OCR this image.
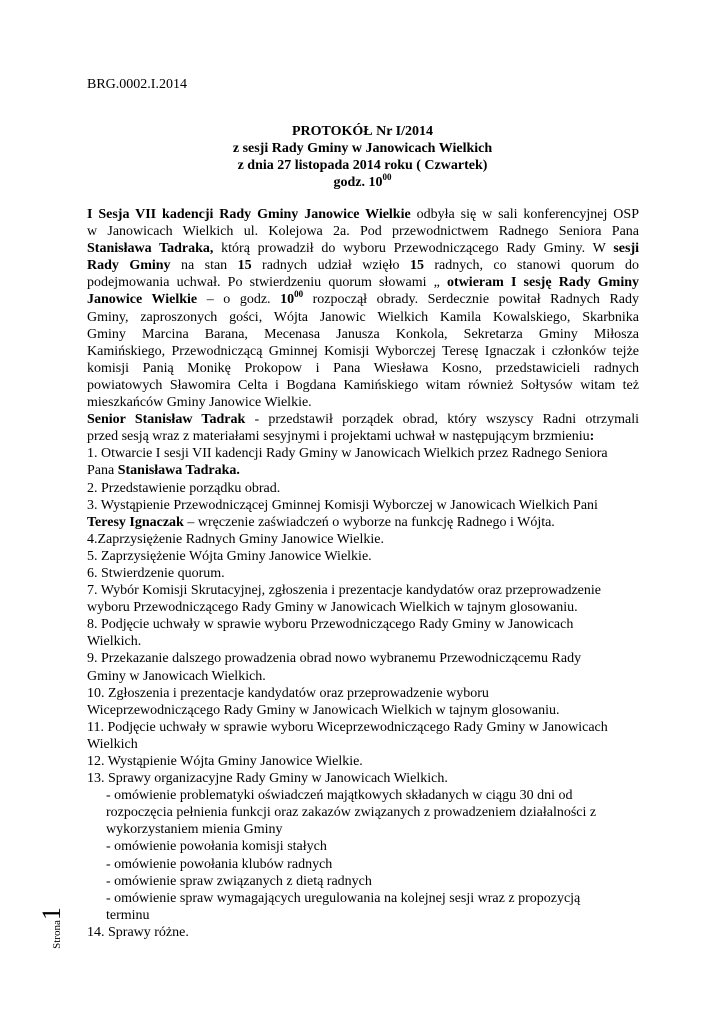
BRG.0002.I.2014
PROTOKÓŁ Nr I/2014
z sesji Rady Gminy w Janowicach Wielkich
z dnia 27 listopada 2014 roku ( Czwartek)
godz. $10^{00}$
I Sesja VII kadencji Rady Gminy Janowice Wielkie odbyła się w sali konferencyjnej OSP
w Janowicach Wielkich ul. Kolejowa 2a. Pod przewodnictwem Radnego Seniora Pana
Stanisława Tadraka, którą prowadził do wyboru Przewodniczącego Rady Gminy. W sesji
Rady Gminy na stan 15 radnych udział wzięło 15 radnych, co stanowi quorum do
podejmowania uchwał. Po stwierdzeniu quorum słowami „ otwieram I sesję Rady Gminy
Janowice Wielkie – o godz. $10^{00}$ rozpoczął obrady. Serdecznie powitał Radnych Rady
Gminy, zaproszonych gości, Wójta Janowic Wielkich Kamila Kowalskiego, Skarbnika
Gminy Marcina Barana, Mecenasa Janusza Konkola, Sekretarza Gminy Miłosza
Kamińskiego, Przewodniczącą Gminnej Komisji Wyborczej Teresę Ignaczak i członków tejże
komisji Panią Monikę Prokopow i Pana Wiesława Kosno, przedstawicieli radnych
powiatowych Sławomira Celta i Bogdana Kamińskiego witam również Sołtysów witam też
mieszkańców Gminy Janowice Wielkie.
Senior Stanisław Tadrak - przedstawił porządek obrad, który wszyscy Radni otrzymali
przed sesją wraz z materiałami sesyjnymi i projektami uchwał w następującym brzmieniu:
1. Otwarcie I sesji VII kadencji Rady Gminy w Janowicach Wielkich przez Radnego Seniora
Pana Stanisława Tadraka.
2. Przedstawienie porządku obrad.
3. Wystąpienie Przewodniczącej Gminnej Komisji Wyborczej w Janowicach Wielkich Pani
Teresy Ignaczak – wręczenie zaświadczeń o wyborze na funkcję Radnego i Wójta.
4.Zaprzysiężenie Radnych Gminy Janowice Wielkie.
5. Zaprzysiężenie Wójta Gminy Janowice Wielkie.
6. Stwierdzenie quorum.
7. Wybór Komisji Skrutacyjnej, zgłoszenia i prezentacje kandydatów oraz przeprowadzenie
wyboru Przewodniczącego Rady Gminy w Janowicach Wielkich w tajnym glosowaniu.
8. Podjęcie uchwały w sprawie wyboru Przewodniczącego Rady Gminy w Janowicach
Wielkich.
9. Przekazanie dalszego prowadzenia obrad nowo wybranemu Przewodniczącemu Rady
Gminy w Janowicach Wielkich.
10. Zgłoszenia i prezentacje kandydatów oraz przeprowadzenie wyboru
Wiceprzewodniczącego Rady Gminy w Janowicach Wielkich w tajnym glosowaniu.
11. Podjęcie uchwały w sprawie wyboru Wiceprzewodniczącego Rady Gminy w Janowicach
Wielkich
12. Wystąpienie Wójta Gminy Janowice Wielkie.
13. Sprawy organizacyjne Rady Gminy w Janowicach Wielkich.
- omówienie problematyki oświadczeń majątkowych składanych w ciągu 30 dni od
rozpoczęcia pełnienia funkcji oraz zakazów związanych z prowadzeniem działalności z
wykorzystaniem mienia Gminy
- omówienie powołania komisji stałych
- omówienie powołania klubów radnych
- omówienie spraw związanych z dietą radnych
- omówienie spraw wymagających uregulowania na kolejnej sesji wraz z propozycją
terminu
14. Sprawy różne.
Strona1
